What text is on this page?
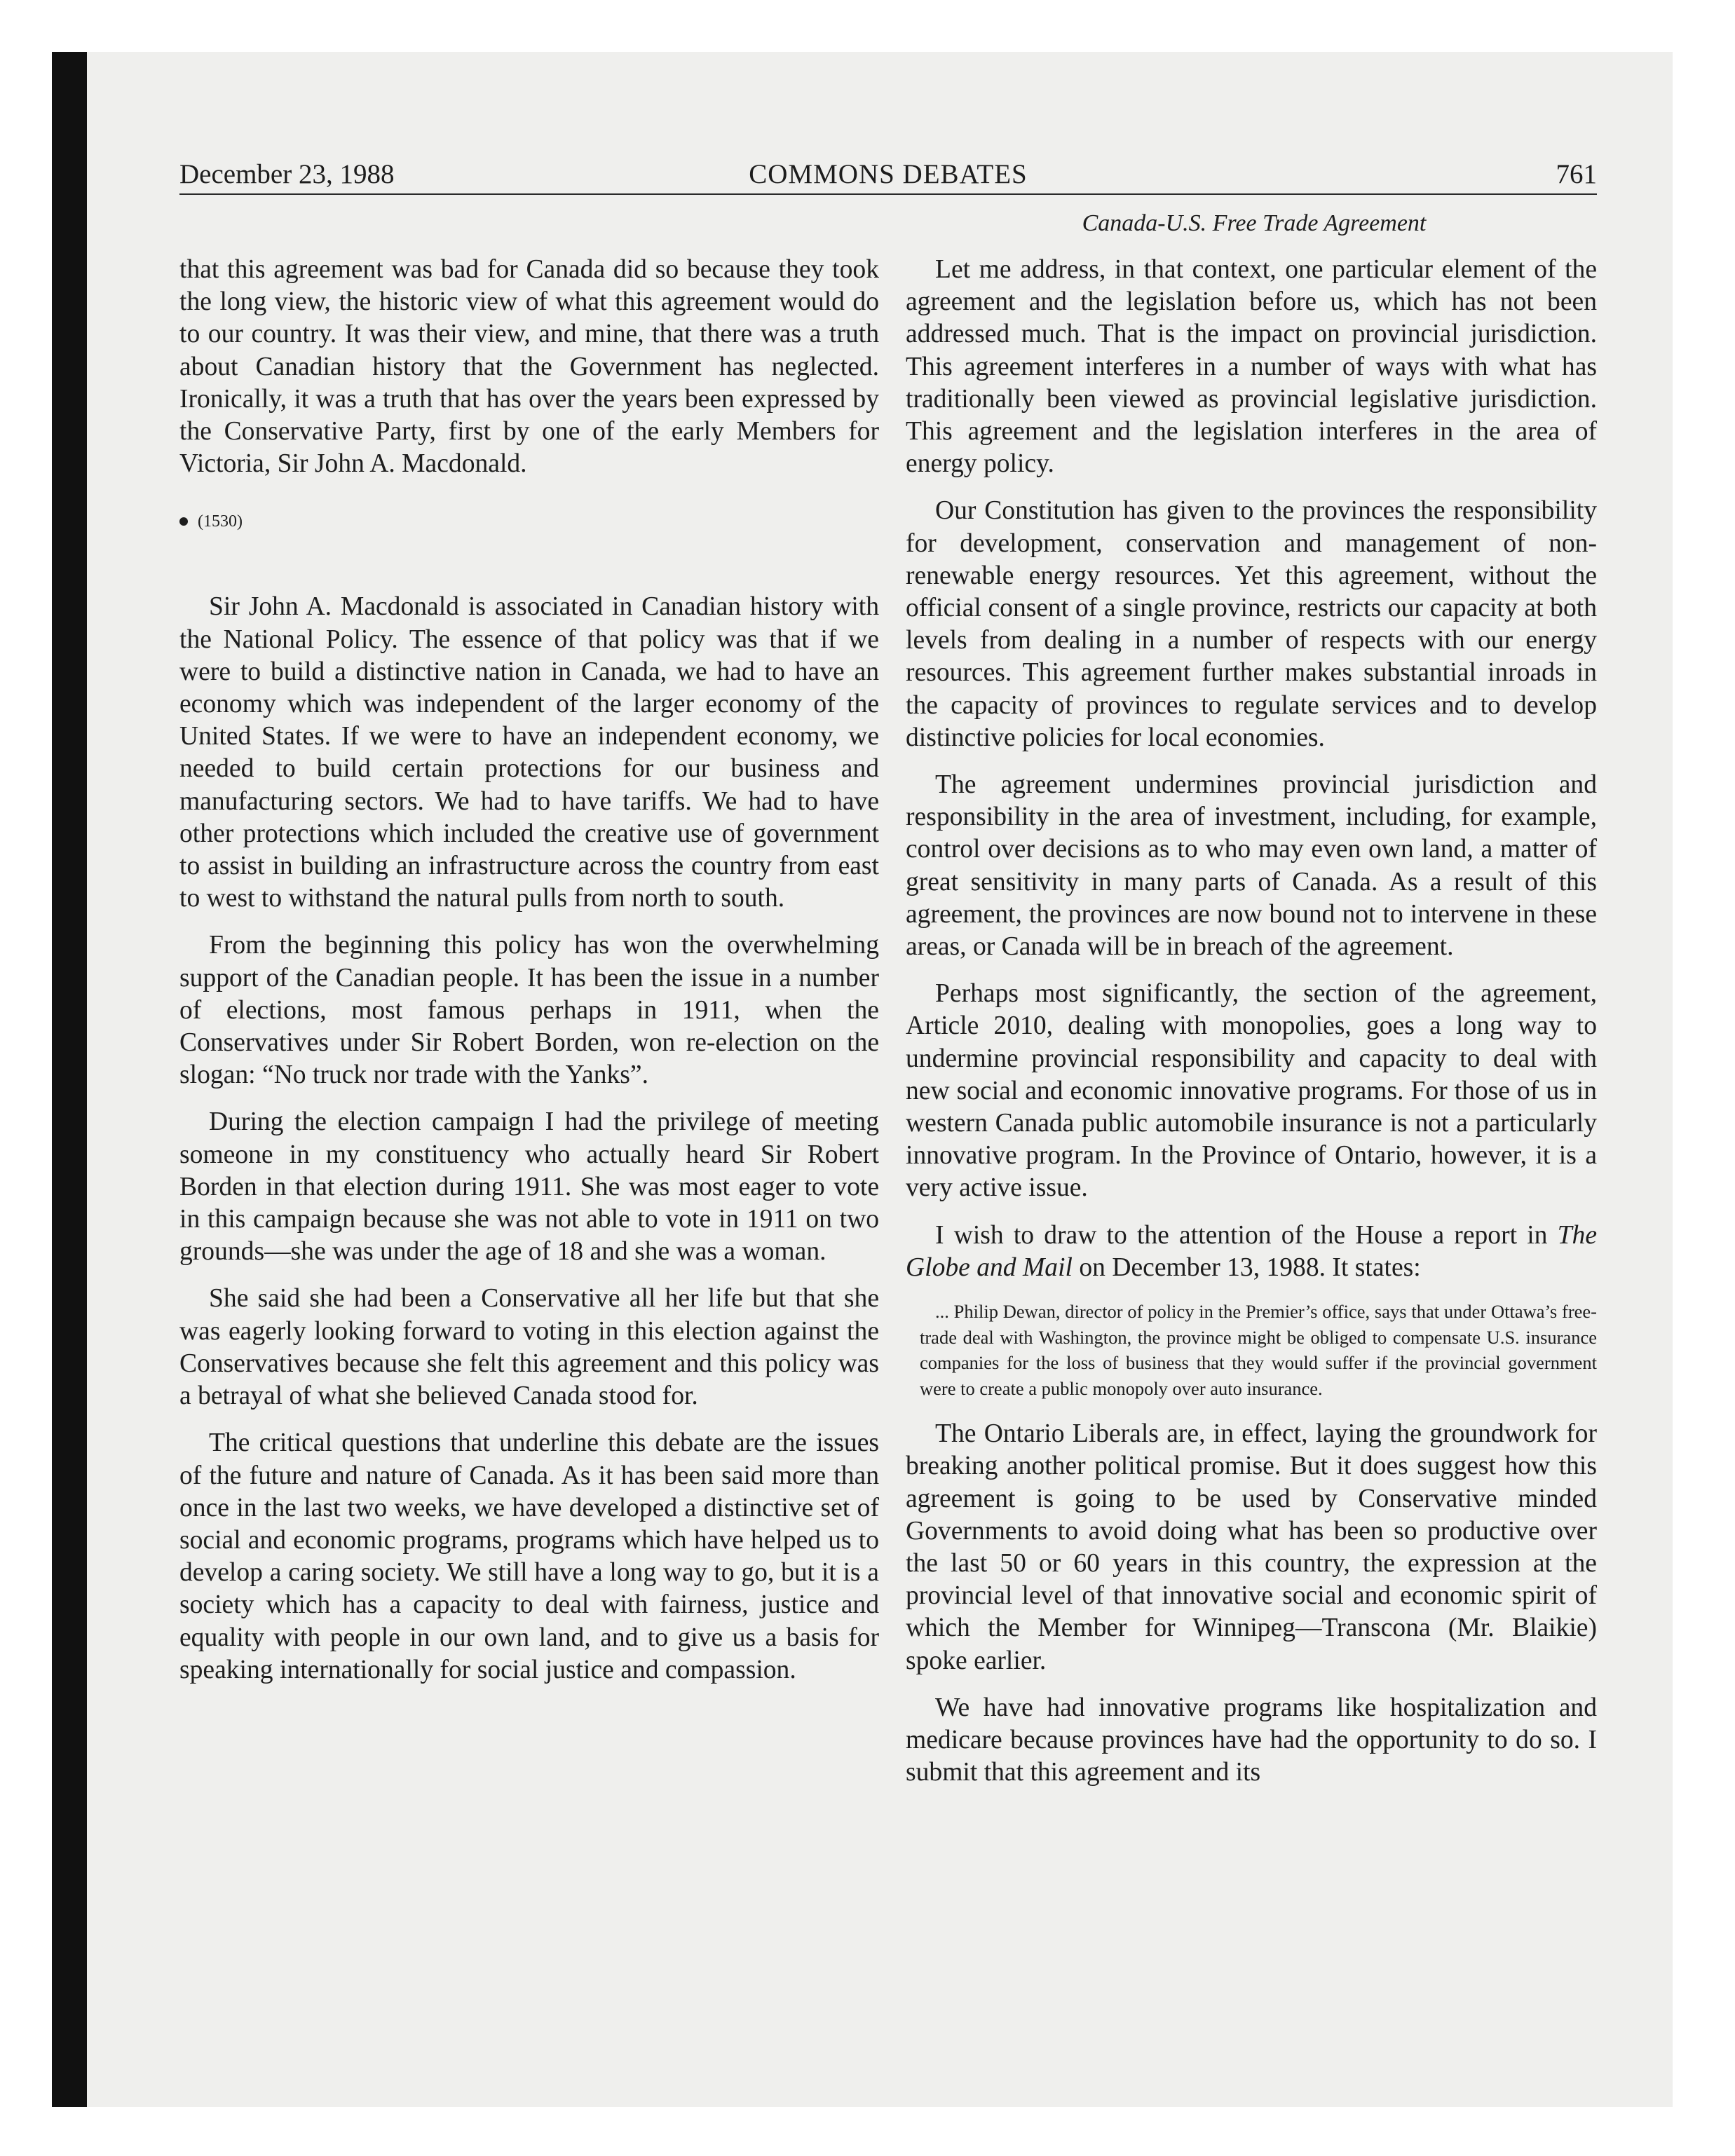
December 23, 1988	COMMONS DEBATES	761
Canada-U.S. Free Trade Agreement

that this agreement was bad for Canada did so because they took the long view, the historic view of what this agreement would do to our country. It was their view, and mine, that there was a truth about Canadian history that the Government has neglected. Ironically, it was a truth that has over the years been expressed by the Conservative Party, first by one of the early Members for Victoria, Sir John A. Macdonald.

(1530)

Sir John A. Macdonald is associated in Canadian history with the National Policy. The essence of that policy was that if we were to build a distinctive nation in Canada, we had to have an economy which was independent of the larger economy of the United States. If we were to have an independent economy, we needed to build certain protections for our business and manufacturing sectors. We had to have tariffs. We had to have other protections which included the creative use of government to assist in building an infrastructure across the country from east to west to withstand the natural pulls from north to south.

From the beginning this policy has won the overwhelming support of the Canadian people. It has been the issue in a number of elections, most famous perhaps in 1911, when the Conservatives under Sir Robert Borden, won re-election on the slogan: “No truck nor trade with the Yanks”.

During the election campaign I had the privilege of meeting someone in my constituency who actually heard Sir Robert Borden in that election during 1911. She was most eager to vote in this campaign because she was not able to vote in 1911 on two grounds—she was under the age of 18 and she was a woman.

She said she had been a Conservative all her life but that she was eagerly looking forward to voting in this election against the Conservatives because she felt this agreement and this policy was a betrayal of what she believed Canada stood for.

The critical questions that underline this debate are the issues of the future and nature of Canada. As it has been said more than once in the last two weeks, we have developed a distinctive set of social and economic programs, programs which have helped us to develop a caring society. We still have a long way to go, but it is a society which has a capacity to deal with fairness, justice and equality with people in our own land, and to give us a basis for speaking internationally for social justice and compassion.

Let me address, in that context, one particular element of the agreement and the legislation before us, which has not been addressed much. That is the impact on provincial jurisdiction. This agreement interferes in a number of ways with what has traditionally been viewed as provincial legislative jurisdiction. This agreement and the legislation interferes in the area of energy policy.

Our Constitution has given to the provinces the responsibility for development, conservation and management of non-renewable energy resources. Yet this agreement, without the official consent of a single province, restricts our capacity at both levels from dealing in a number of respects with our energy resources. This agreement further makes substantial inroads in the capacity of provinces to regulate services and to develop distinctive policies for local economies.

The agreement undermines provincial jurisdiction and responsibility in the area of investment, including, for example, control over decisions as to who may even own land, a matter of great sensitivity in many parts of Canada. As a result of this agreement, the provinces are now bound not to intervene in these areas, or Canada will be in breach of the agreement.

Perhaps most significantly, the section of the agreement, Article 2010, dealing with monopolies, goes a long way to undermine provincial responsibility and capacity to deal with new social and economic innovative programs. For those of us in western Canada public automobile insurance is not a particularly innovative program. In the Province of Ontario, however, it is a very active issue.

I wish to draw to the attention of the House a report in The Globe and Mail on December 13, 1988. It states:

... Philip Dewan, director of policy in the Premier’s office, says that under Ottawa’s free-trade deal with Washington, the province might be obliged to compensate U.S. insurance companies for the loss of business that they would suffer if the provincial government were to create a public monopoly over auto insurance.

The Ontario Liberals are, in effect, laying the groundwork for breaking another political promise. But it does suggest how this agreement is going to be used by Conservative minded Governments to avoid doing what has been so productive over the last 50 or 60 years in this country, the expression at the provincial level of that innovative social and economic spirit of which the Member for Winnipeg—Transcona (Mr. Blaikie) spoke earlier.

We have had innovative programs like hospitalization and medicare because provinces have had the opportunity to do so. I submit that this agreement and its
